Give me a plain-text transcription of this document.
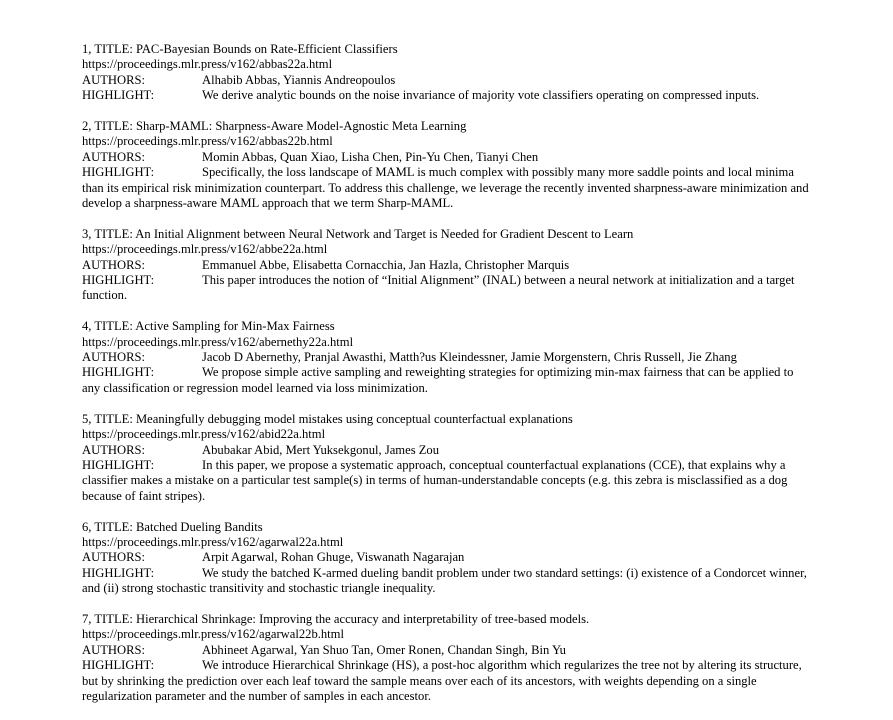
1, TITLE: PAC-Bayesian Bounds on Rate-Efficient Classifiers
https://proceedings.mlr.press/v162/abbas22a.html
AUTHORS:	Alhabib Abbas, Yiannis Andreopoulos
HIGHLIGHT:	We derive analytic bounds on the noise invariance of majority vote classifiers operating on compressed inputs.
2, TITLE: Sharp-MAML: Sharpness-Aware Model-Agnostic Meta Learning
https://proceedings.mlr.press/v162/abbas22b.html
AUTHORS:	Momin Abbas, Quan Xiao, Lisha Chen, Pin-Yu Chen, Tianyi Chen
HIGHLIGHT:	Specifically, the loss landscape of MAML is much complex with possibly many more saddle points and local minima than its empirical risk minimization counterpart. To address this challenge, we leverage the recently invented sharpness-aware minimization and develop a sharpness-aware MAML approach that we term Sharp-MAML.
3, TITLE: An Initial Alignment between Neural Network and Target is Needed for Gradient Descent to Learn
https://proceedings.mlr.press/v162/abbe22a.html
AUTHORS:	Emmanuel Abbe, Elisabetta Cornacchia, Jan Hazla, Christopher Marquis
HIGHLIGHT:	This paper introduces the notion of “Initial Alignment” (INAL) between a neural network at initialization and a target function.
4, TITLE: Active Sampling for Min-Max Fairness
https://proceedings.mlr.press/v162/abernethy22a.html
AUTHORS:	Jacob D Abernethy, Pranjal Awasthi, Matth?us Kleindessner, Jamie Morgenstern, Chris Russell, Jie Zhang
HIGHLIGHT:	We propose simple active sampling and reweighting strategies for optimizing min-max fairness that can be applied to any classification or regression model learned via loss minimization.
5, TITLE: Meaningfully debugging model mistakes using conceptual counterfactual explanations
https://proceedings.mlr.press/v162/abid22a.html
AUTHORS:	Abubakar Abid, Mert Yuksekgonul, James Zou
HIGHLIGHT:	In this paper, we propose a systematic approach, conceptual counterfactual explanations (CCE), that explains why a classifier makes a mistake on a particular test sample(s) in terms of human-understandable concepts (e.g. this zebra is misclassified as a dog because of faint stripes).
6, TITLE: Batched Dueling Bandits
https://proceedings.mlr.press/v162/agarwal22a.html
AUTHORS:	Arpit Agarwal, Rohan Ghuge, Viswanath Nagarajan
HIGHLIGHT:	We study the batched K-armed dueling bandit problem under two standard settings: (i) existence of a Condorcet winner, and (ii) strong stochastic transitivity and stochastic triangle inequality.
7, TITLE: Hierarchical Shrinkage: Improving the accuracy and interpretability of tree-based models.
https://proceedings.mlr.press/v162/agarwal22b.html
AUTHORS:	Abhineet Agarwal, Yan Shuo Tan, Omer Ronen, Chandan Singh, Bin Yu
HIGHLIGHT:	We introduce Hierarchical Shrinkage (HS), a post-hoc algorithm which regularizes the tree not by altering its structure, but by shrinking the prediction over each leaf toward the sample means over each of its ancestors, with weights depending on a single regularization parameter and the number of samples in each ancestor.
